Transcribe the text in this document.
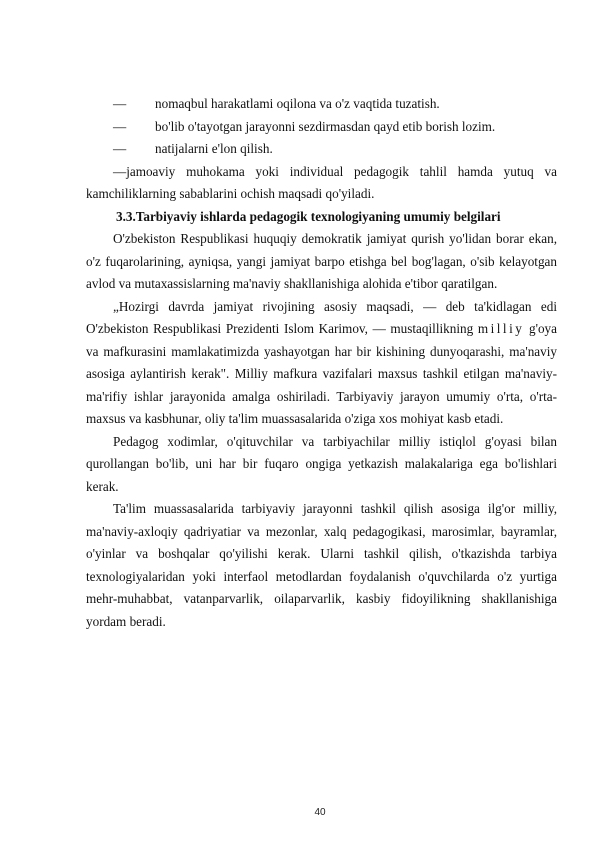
—	nomaqbul harakatlami oqilona va o'z vaqtida tuzatish.
—	bo'lib o'tayotgan jarayonni sezdirmasdan qayd etib borish lozim.
—	natijalarni e'lon qilish.

—jamoaviy muhokama yoki individual pedagogik tahlil hamda yutuq va kamchiliklarning sabablarini ochish maqsadi qo'yiladi.

3.3.Tarbiyaviy ishlarda pedagogik texnologiyaning umumiy belgilari

O'zbekiston Respublikasi huquqiy demokratik jamiyat qurish yo'lidan borar ekan, o'z fuqarolarining, ayniqsa, yangi jamiyat barpo etishga bel bog'lagan, o'sib kelayotgan avlod va mutaxassislarning ma'naviy shakllanishiga alohida e'tibor qaratilgan.

„Hozirgi davrda jamiyat rivojining asosiy maqsadi, — deb ta'kidlagan edi O'zbekiston Respublikasi Prezidenti Islom Karimov, — mustaqillikning milliy g'oya va mafkurasini mamlakatimizda yashayotgan har bir kishining dunyoqarashi, ma'naviy asosiga aylantirish kerak". Milliy mafkura vazifalari maxsus tashkil etilgan ma'naviy-ma'rifiy ishlar jarayonida amalga oshiriladi. Tarbiyaviy jarayon umumiy o'rta, o'rta-maxsus va kasbhunar, oliy ta'lim muassasalarida o'ziga xos mohiyat kasb etadi.

Pedagog xodimlar, o'qituvchilar va tarbiyachilar milliy istiqlol g'oyasi bilan qurollangan bo'lib, uni har bir fuqaro ongiga yetkazish malakalariga ega bo'lishlari kerak.

Ta'lim muassasalarida tarbiyaviy jarayonni tashkil qilish asosiga ilg'or milliy, ma'naviy-axloqiy qadriyatiar va mezonlar, xalq pedagogikasi, marosimlar, bayramlar, o'yinlar va boshqalar qo'yilishi kerak. Ularni tashkil qilish, o'tkazishda tarbiya texnologiyalaridan yoki interfaol metodlardan foydalanish o'quvchilarda o'z yurtiga mehr-muhabbat, vatanparvarlik, oilaparvarlik, kasbiy fidoyilikning shakllanishiga yordam beradi.

40
